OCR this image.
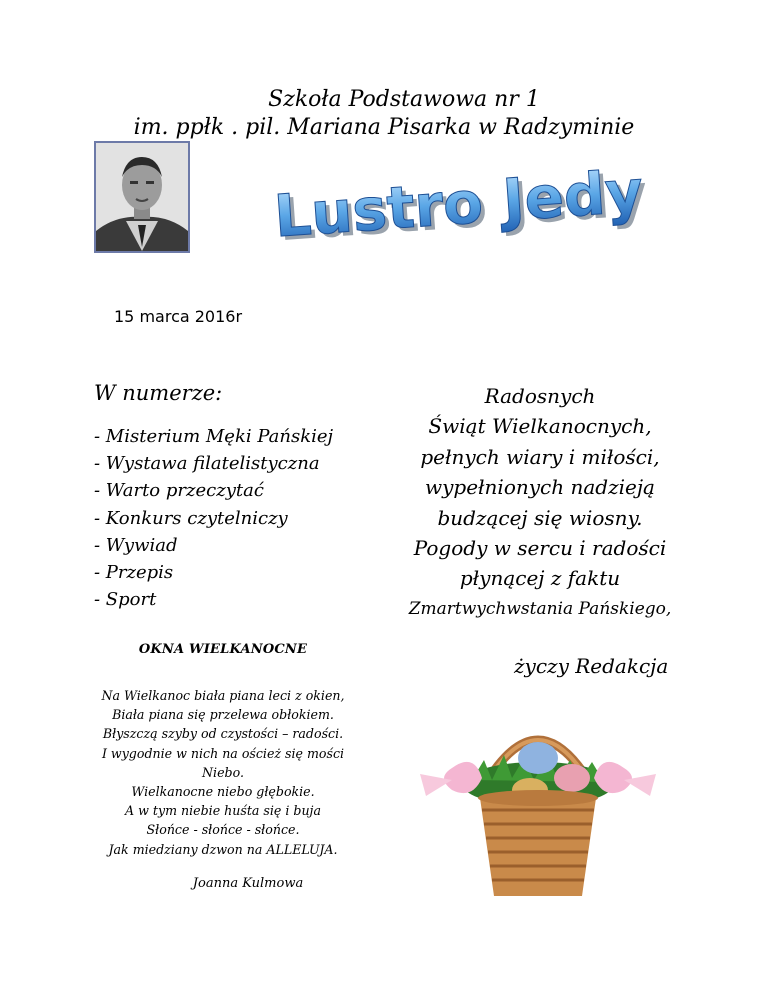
Szkoła Podstawowa nr 1
im. ppłk . pil. Mariana Pisarka w Radzyminie
Lustro Jedynki
Lustro Jedynki
15 marca 2016r
W numerze:
- Misterium Męki Pańskiej
- Wystawa filatelistyczna
- Warto przeczytać
- Konkurs czytelniczy
- Wywiad
- Przepis
- Sport
OKNA WIELKANOCNE
Na Wielkanoc biała piana leci z okien,
Biała piana się przelewa obłokiem.
Błyszczą szyby od czystości – radości.
I wygodnie w nich na oścież się mości
Niebo.
Wielkanocne niebo głębokie.
A w tym niebie huśta się i buja
Słońce - słońce - słońce.
Jak miedziany dzwon na ALLELUJA.
Joanna Kulmowa
Radosnych
Świąt Wielkanocnych,
pełnych wiary i miłości,
wypełnionych nadzieją
budzącej się wiosny.
Pogody w sercu i radości
płynącej z faktu
Zmartwychwstania Pańskiego,
życzy Redakcja
